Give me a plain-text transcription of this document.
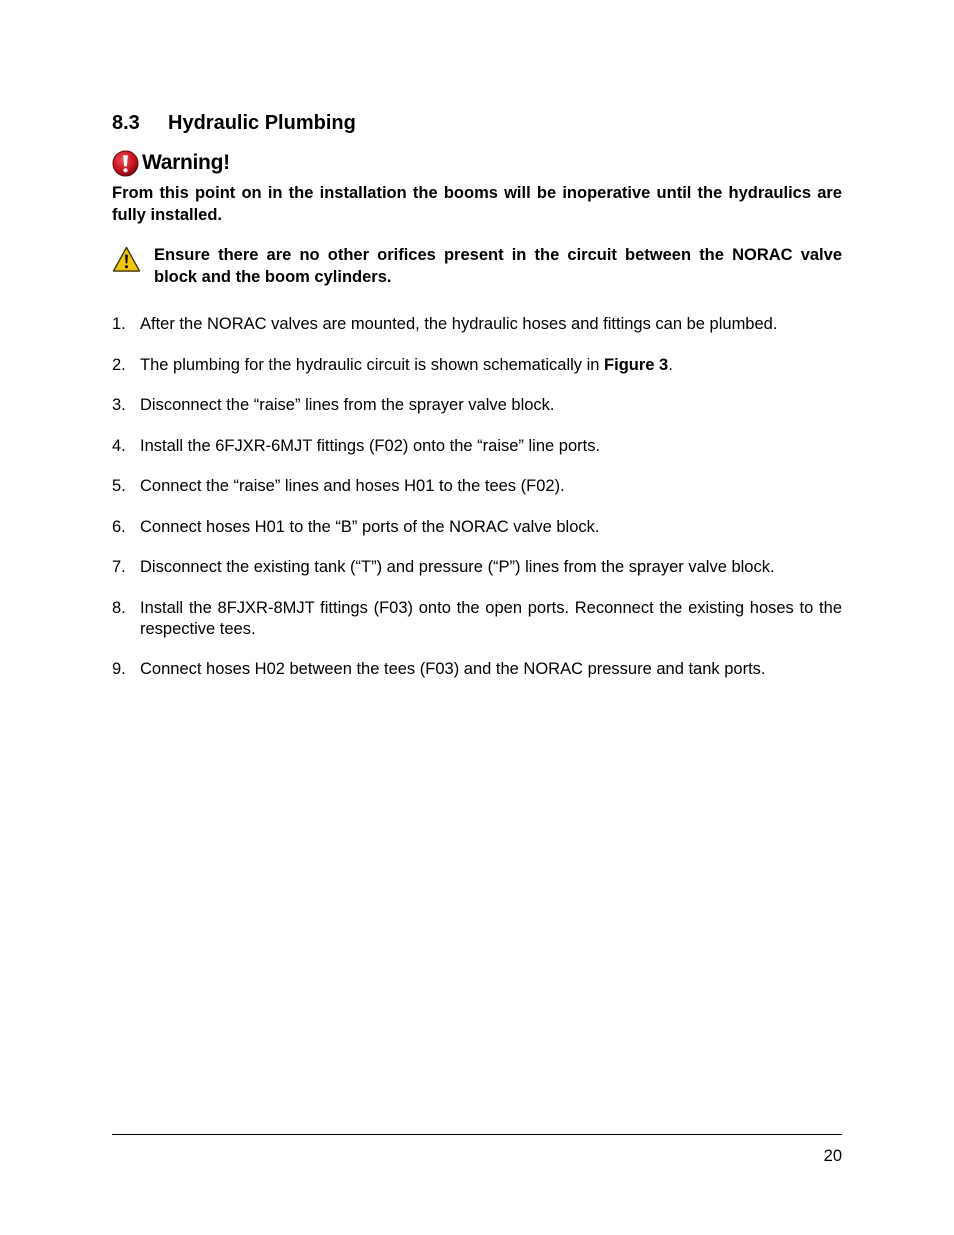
8.3 Hydraulic Plumbing
Warning!
From this point on in the installation the booms will be inoperative until the hydraulics are fully installed.
Ensure there are no other orifices present in the circuit between the NORAC valve block and the boom cylinders.
1. After the NORAC valves are mounted, the hydraulic hoses and fittings can be plumbed.
2. The plumbing for the hydraulic circuit is shown schematically in Figure 3.
3. Disconnect the “raise” lines from the sprayer valve block.
4. Install the 6FJXR-6MJT fittings (F02) onto the “raise” line ports.
5. Connect the “raise” lines and hoses H01 to the tees (F02).
6. Connect hoses H01 to the “B” ports of the NORAC valve block.
7. Disconnect the existing tank (“T”) and pressure (“P”) lines from the sprayer valve block.
8. Install the 8FJXR-8MJT fittings (F03) onto the open ports. Reconnect the existing hoses to the respective tees.
9. Connect hoses H02 between the tees (F03) and the NORAC pressure and tank ports.
20
